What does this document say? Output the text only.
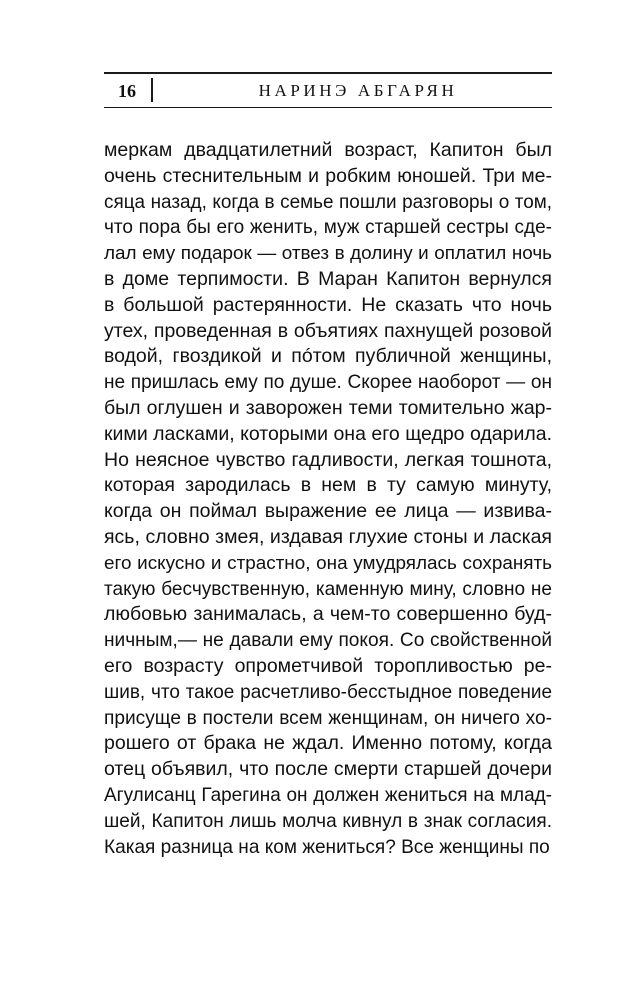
16	НАРИНЭ АБГАРЯН
меркам двадцатилетний возраст, Капитон был
очень стеснительным и робким юношей. Три ме-
сяца назад, когда в семье пошли разговоры о том,
что пора бы его женить, муж старшей сестры сде-
лал ему подарок — отвез в долину и оплатил ночь
в доме терпимости. В Маран Капитон вернулся
в большой растерянности. Не сказать что ночь
утех, проведенная в объятиях пахнущей розовой
водой, гвоздикой и пóтом публичной женщины,
не пришлась ему по душе. Скорее наоборот — он
был оглушен и заворожен теми томительно жар-
кими ласками, которыми она его щедро одарила.
Но неясное чувство гадливости, легкая тошнота,
которая зародилась в нем в ту самую минуту,
когда он поймал выражение ее лица — извива-
ясь, словно змея, издавая глухие стоны и лаская
его искусно и страстно, она умудрялась сохранять
такую бесчувственную, каменную мину, словно не
любовью занималась, а чем-то совершенно буд-
ничным,— не давали ему покоя. Со свойственной
его возрасту опрометчивой торопливостью ре-
шив, что такое расчетливо-бесстыдное поведение
присуще в постели всем женщинам, он ничего хо-
рошего от брака не ждал. Именно потому, когда
отец объявил, что после смерти старшей дочери
Агулисанц Гарегина он должен жениться на млад-
шей, Капитон лишь молча кивнул в знак согласия.
Какая разница на ком жениться? Все женщины по
